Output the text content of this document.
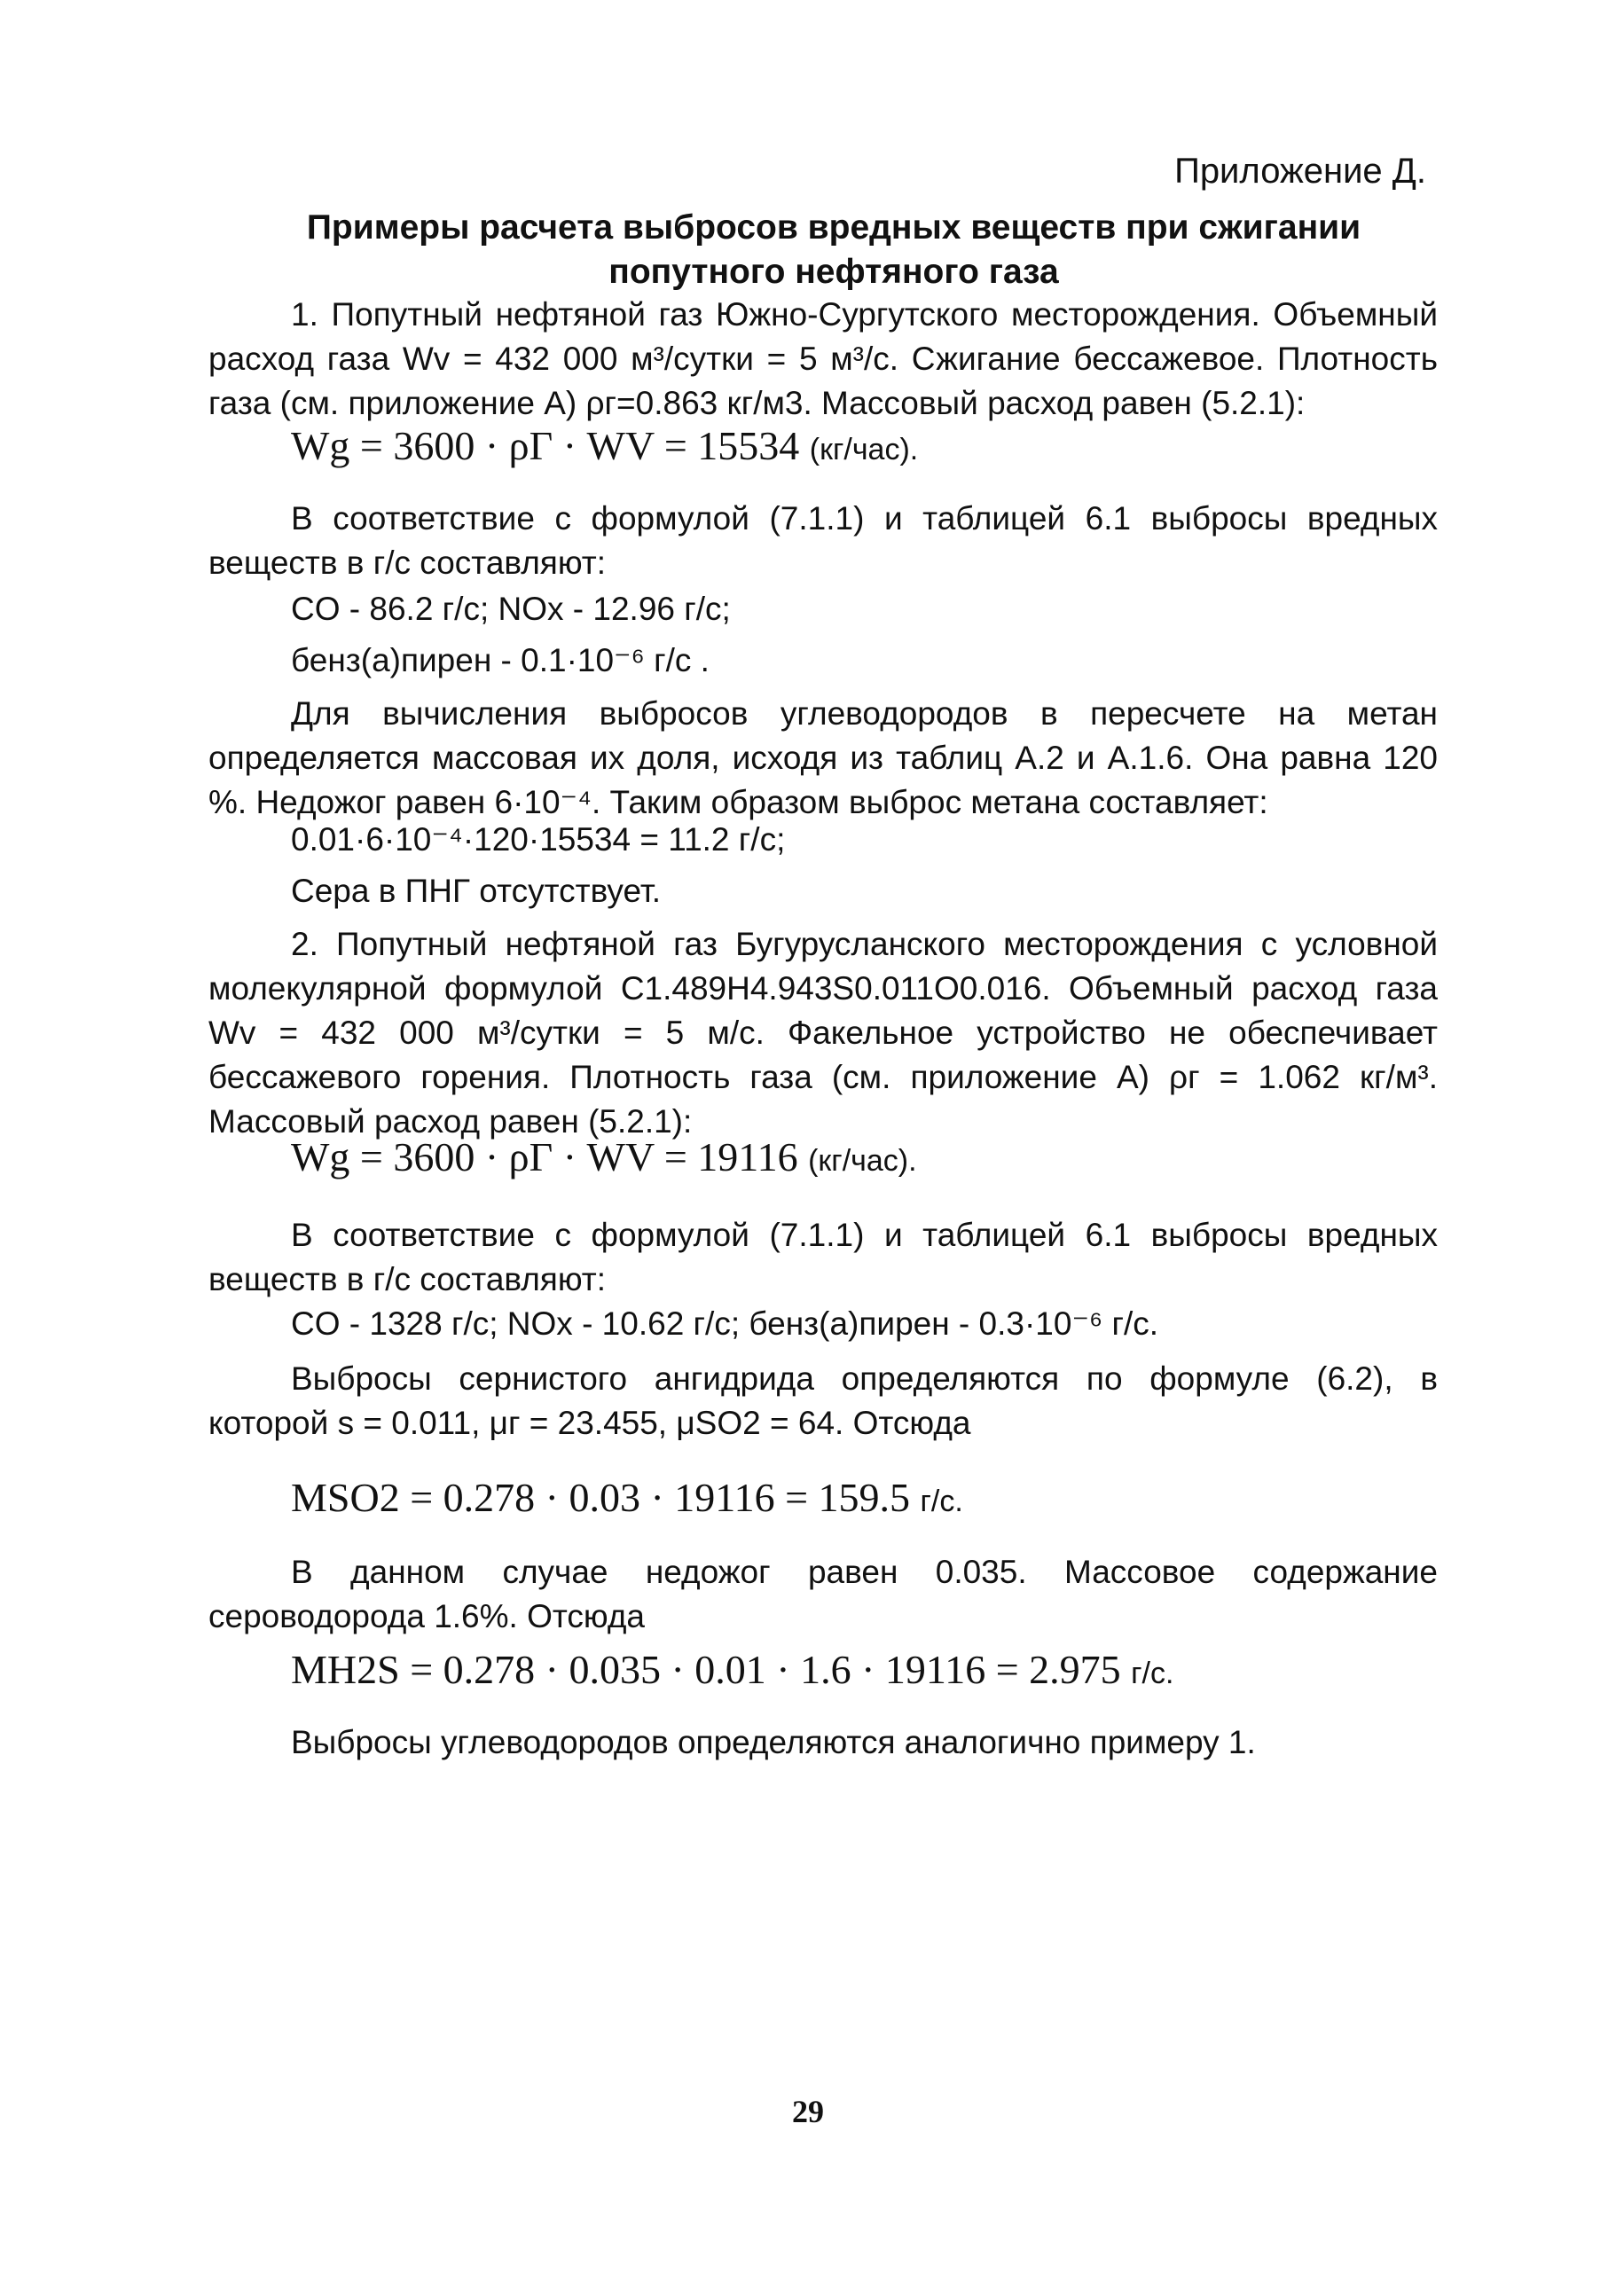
Приложение Д.
Примеры расчета выбросов вредных веществ при сжигании
попутного нефтяного газа
1. Попутный нефтяной газ Южно-Сургутского месторождения. Объемный расход газа Wv = 432 000 м³/сутки = 5 м³/с. Сжигание бессажевое. Плотность газа (см. приложение А) ρг=0.863 кг/м3. Массовый расход равен (5.2.1):
Wg = 3600 · ρГ · WV = 15534 (кг/час).
В соответствие с формулой (7.1.1) и таблицей 6.1 выбросы вредных веществ в г/с составляют:
CO - 86.2 г/с; NOx - 12.96 г/с;
бенз(а)пирен - 0.1·10⁻⁶ г/с .
Для вычисления выбросов углеводородов в пересчете на метан определяется массовая их доля, исходя из таблиц А.2 и А.1.6. Она равна 120 %. Недожог равен 6·10⁻⁴. Таким образом выброс метана составляет:
0.01·6·10⁻⁴·120·15534 = 11.2 г/с;
Сера в ПНГ отсутствует.
2. Попутный нефтяной газ Бугурусланского месторождения с условной молекулярной формулой C1.489H4.943S0.011O0.016. Объемный расход газа Wv = 432 000 м³/сутки = 5 м/с. Факельное устройство не обеспечивает бессажевого горения. Плотность газа (см. приложение А) ρг = 1.062 кг/м³. Массовый расход равен (5.2.1):
Wg = 3600 · ρГ · WV = 19116 (кг/час).
В соответствие с формулой (7.1.1) и таблицей 6.1 выбросы вредных веществ в г/с составляют:
CO - 1328 г/с; NOx - 10.62 г/с; бенз(а)пирен - 0.3·10⁻⁶ г/с.
Выбросы сернистого ангидрида определяются по формуле (6.2), в которой s = 0.011, μг = 23.455, μSO2 = 64. Отсюда
MSO2 = 0.278 · 0.03 · 19116 = 159.5 г/с.
В данном случае недожог равен 0.035. Массовое содержание сероводорода 1.6%. Отсюда
MH2S = 0.278 · 0.035 · 0.01 · 1.6 · 19116 = 2.975 г/с.
Выбросы углеводородов определяются аналогично примеру 1.
29
